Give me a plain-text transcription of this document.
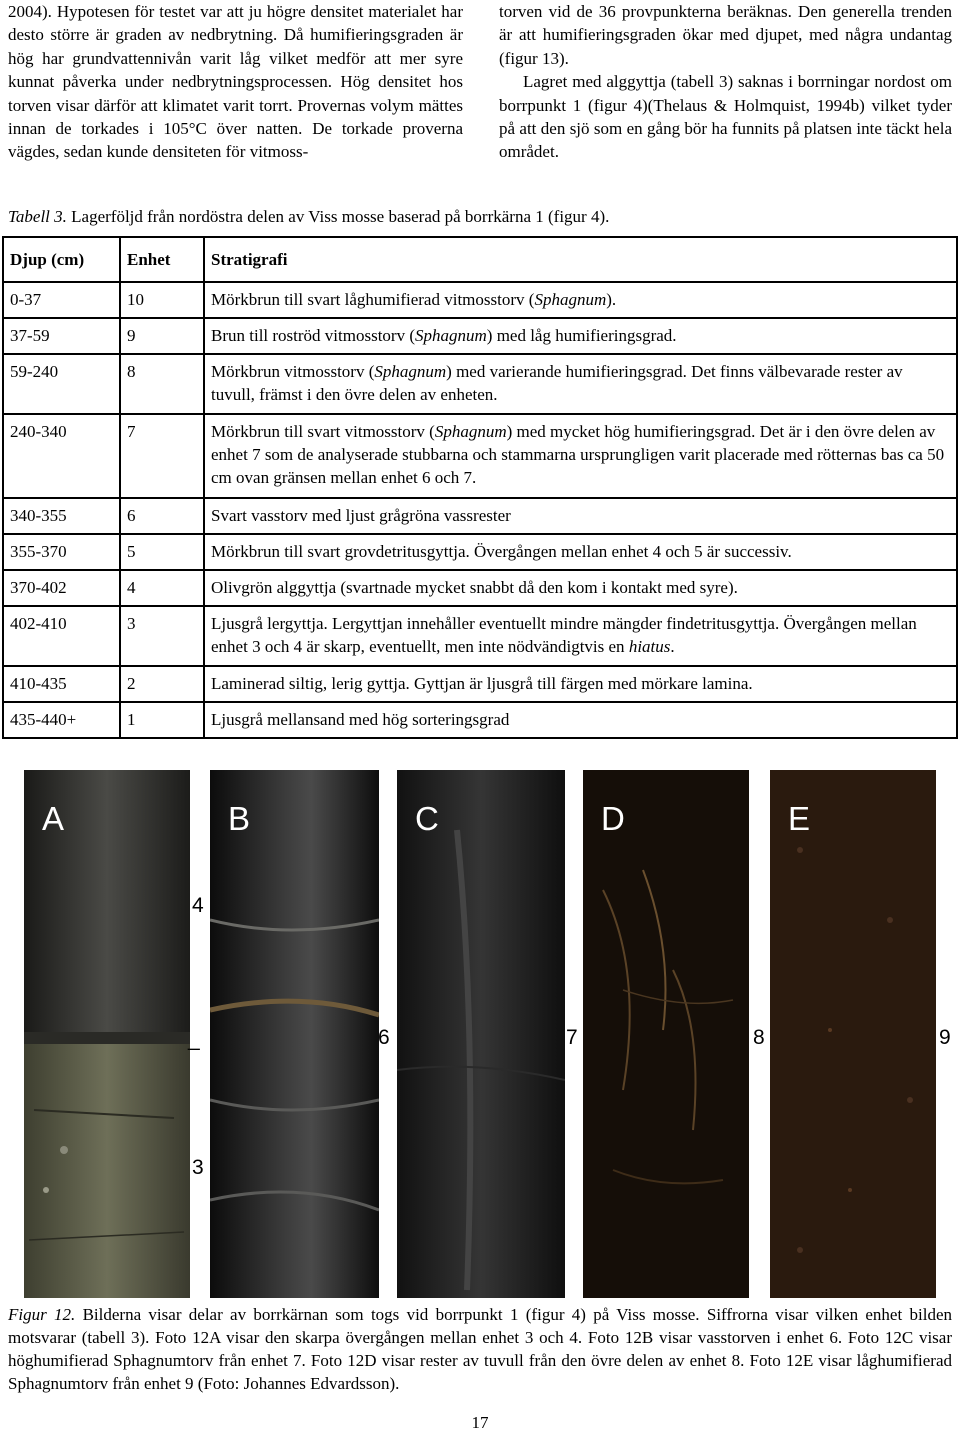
2004). Hypotesen för testet var att ju högre densitet materialet har desto större är graden av nedbrytning. Då humifieringsgraden är hög har grundvattennivån varit låg vilket medför att mer syre kunnat påverka under nedbrytningsprocessen. Hög densitet hos torven visar därför att klimatet varit torrt. Provernas volym mättes innan de torkades i 105°C över natten. De torkade proverna vägdes, sedan kunde densiteten för vitmoss-

torven vid de 36 provpunkterna beräknas. Den generella trenden är att humifieringsgraden ökar med djupet, med några undantag (figur 13).

Lagret med alggyttja (tabell 3) saknas i borrningar nordost om borrpunkt 1 (figur 4)(Thelaus & Holmquist, 1994b) vilket tyder på att den sjö som en gång bör ha funnits på platsen inte täckt hela området.

Tabell 3. Lagerföljd från nordöstra delen av Viss mosse baserad på borrkärna 1 (figur 4).
Djup (cm)	Enhet	Stratigrafi
0-37	10	Mörkbrun till svart låghumifierad vitmosstorv (Sphagnum).
37-59	9	Brun till roströd vitmosstorv (Sphagnum) med låg humifieringsgrad.
59-240	8	Mörkbrun vitmosstorv (Sphagnum) med varierande humifieringsgrad. Det finns välbevarade rester av tuvull, främst i den övre delen av enheten.
240-340	7	Mörkbrun till svart vitmosstorv (Sphagnum) med mycket hög humifieringsgrad. Det är i den övre delen av enhet 7 som de analyserade stubbarna och stammarna ursprungligen varit placerade med rötternas bas ca 50 cm ovan gränsen mellan enhet 6 och 7.
340-355	6	Svart vasstorv med ljust grågröna vassrester
355-370	5	Mörkbrun till svart grovdetritusgyttja. Övergången mellan enhet 4 och 5 är successiv.
370-402	4	Olivgrön alggyttja (svartnade mycket snabbt då den kom i kontakt med syre).
402-410	3	Ljusgrå lergyttja. Lergyttjan innehåller eventuellt mindre mängder findetritusgyttja. Övergången mellan enhet 3 och 4 är skarp, eventuellt, men inte nödvändigtvis en hiatus.
410-435	2	Laminerad siltig, lerig gyttja. Gyttjan är ljusgrå till färgen med mörkare lamina.
435-440+	1	Ljusgrå mellansand med hög sorteringsgrad
A	B	C	D	E
4
_
3
6	7	8	9
Figur 12. Bilderna visar delar av borrkärnan som togs vid borrpunkt 1 (figur 4) på Viss mosse. Siffrorna visar vilken enhet bilden motsvarar (tabell 3). Foto 12A visar den skarpa övergången mellan enhet 3 och 4. Foto 12B visar vasstorven i enhet 6. Foto 12C visar höghumifierad Sphagnumtorv från enhet 7. Foto 12D visar rester av tuvull från den övre delen av enhet 8. Foto 12E visar låghumifierad Sphagnumtorv från enhet 9 (Foto: Johannes Edvardsson).
17
